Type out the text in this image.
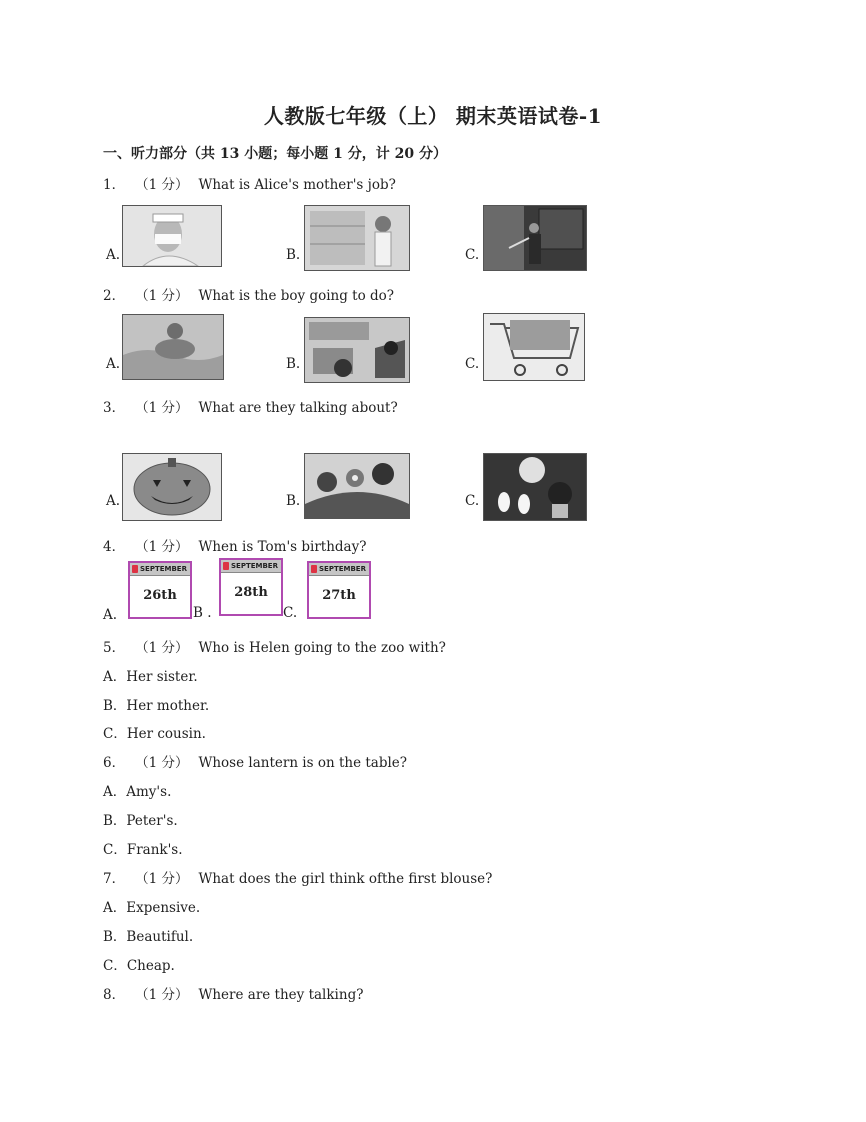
人教版七年级（上） 期末英语试卷-1
一、听力部分（共 13 小题；每小题 1 分，计 20 分）
1． （1 分） What is Alice's mother's job?
A.	B.	C.
2． （1 分） What is the boy going to do?
A.	B.	C.
3． （1 分） What are they talking about?
A.	B.	C.
4． （1 分） When is Tom's birthday?
A.
SEPTEMBER
26th
B .
SEPTEMBER
28th
C.
SEPTEMBER
27th
5． （1 分） Who is Helen going to the zoo with?
A．Her sister.
B．Her mother.
C．Her cousin.
6． （1 分） Whose lantern is on the table?
A．Amy's.
B．Peter's.
C．Frank's.
7． （1 分） What does the girl think ofthe first blouse?
A．Expensive.
B．Beautiful.
C．Cheap.
8． （1 分） Where are they talking?
